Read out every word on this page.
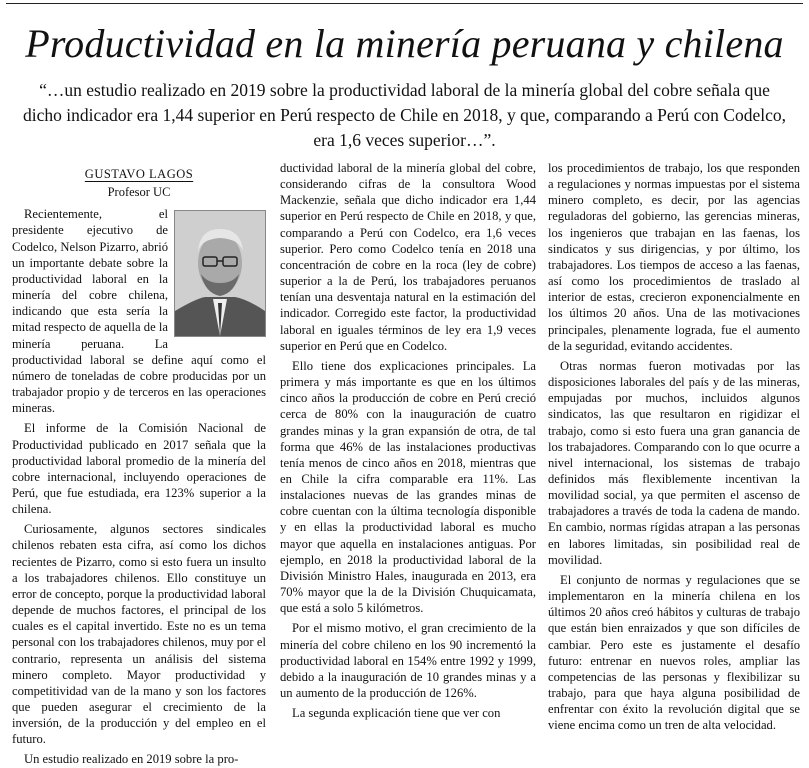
Productividad en la minería peruana y chilena

“…un estudio realizado en 2019 sobre la productividad laboral de la minería global del cobre señala que dicho indicador era 1,44 superior en Perú respecto de Chile en 2018, y que, comparando a Perú con Codelco, era 1,6 veces superior…”.

GUSTAVO LAGOS
Profesor UC

Recientemente, el presidente ejecutivo de Codelco, Nelson Pizarro, abrió un importante debate sobre la productividad laboral en la minería del cobre chilena, indicando que esta sería la mitad respecto de aquella de la minería peruana. La productividad laboral se define aquí como el número de toneladas de cobre producidas por un trabajador propio y de terceros en las operaciones mineras.

El informe de la Comisión Nacional de Productividad publicado en 2017 señala que la productividad laboral promedio de la minería del cobre internacional, incluyendo operaciones de Perú, que fue estudiada, era 123% superior a la chilena.

Curiosamente, algunos sectores sindicales chilenos rebaten esta cifra, así como los dichos recientes de Pizarro, como si esto fuera un insulto a los trabajadores chilenos. Ello constituye un error de concepto, porque la productividad laboral depende de muchos factores, el principal de los cuales es el capital invertido. Este no es un tema personal con los trabajadores chilenos, muy por el contrario, representa un análisis del sistema minero completo. Mayor productividad y competitividad van de la mano y son los factores que pueden asegurar el crecimiento de la inversión, de la producción y del empleo en el futuro.

Un estudio realizado en 2019 sobre la pro-

ductividad laboral de la minería global del cobre, considerando cifras de la consultora Wood Mackenzie, señala que dicho indicador era 1,44 superior en Perú respecto de Chile en 2018, y que, comparando a Perú con Codelco, era 1,6 veces superior. Pero como Codelco tenía en 2018 una concentración de cobre en la roca (ley de cobre) superior a la de Perú, los trabajadores peruanos tenían una desventaja natural en la estimación del indicador. Corregido este factor, la productividad laboral en iguales términos de ley era 1,9 veces superior en Perú que en Codelco.

Ello tiene dos explicaciones principales. La primera y más importante es que en los últimos cinco años la producción de cobre en Perú creció cerca de 80% con la inauguración de cuatro grandes minas y la gran expansión de otra, de tal forma que 46% de las instalaciones productivas tenía menos de cinco años en 2018, mientras que en Chile la cifra comparable era 11%. Las instalaciones nuevas de las grandes minas de cobre cuentan con la última tecnología disponible y en ellas la productividad laboral es mucho mayor que aquella en instalaciones antiguas. Por ejemplo, en 2018 la productividad laboral de la División Ministro Hales, inaugurada en 2013, era 70% mayor que la de la División Chuquicamata, que está a solo 5 kilómetros.

Por el mismo motivo, el gran crecimiento de la minería del cobre chileno en los 90 incrementó la productividad laboral en 154% entre 1992 y 1999, debido a la inauguración de 10 grandes minas y a un aumento de la producción de 126%.

La segunda explicación tiene que ver con

los procedimientos de trabajo, los que responden a regulaciones y normas impuestas por el sistema minero completo, es decir, por las agencias reguladoras del gobierno, las gerencias mineras, los ingenieros que trabajan en las faenas, los sindicatos y sus dirigencias, y por último, los trabajadores. Los tiempos de acceso a las faenas, así como los procedimientos de traslado al interior de estas, crecieron exponencialmente en los últimos 20 años. Una de las motivaciones principales, plenamente lograda, fue el aumento de la seguridad, evitando accidentes.

Otras normas fueron motivadas por las disposiciones laborales del país y de las mineras, empujadas por muchos, incluidos algunos sindicatos, las que resultaron en rigidizar el trabajo, como si esto fuera una gran ganancia de los trabajadores. Comparando con lo que ocurre a nivel internacional, los sistemas de trabajo definidos más flexiblemente incentivan la movilidad social, ya que permiten el ascenso de trabajadores a través de toda la cadena de mando. En cambio, normas rígidas atrapan a las personas en labores limitadas, sin posibilidad real de movilidad.

El conjunto de normas y regulaciones que se implementaron en la minería chilena en los últimos 20 años creó hábitos y culturas de trabajo que están bien enraizados y que son difíciles de cambiar. Pero este es justamente el desafío futuro: entrenar en nuevos roles, ampliar las competencias de las personas y flexibilizar su trabajo, para que haya alguna posibilidad de enfrentar con éxito la revolución digital que se viene encima como un tren de alta velocidad.
